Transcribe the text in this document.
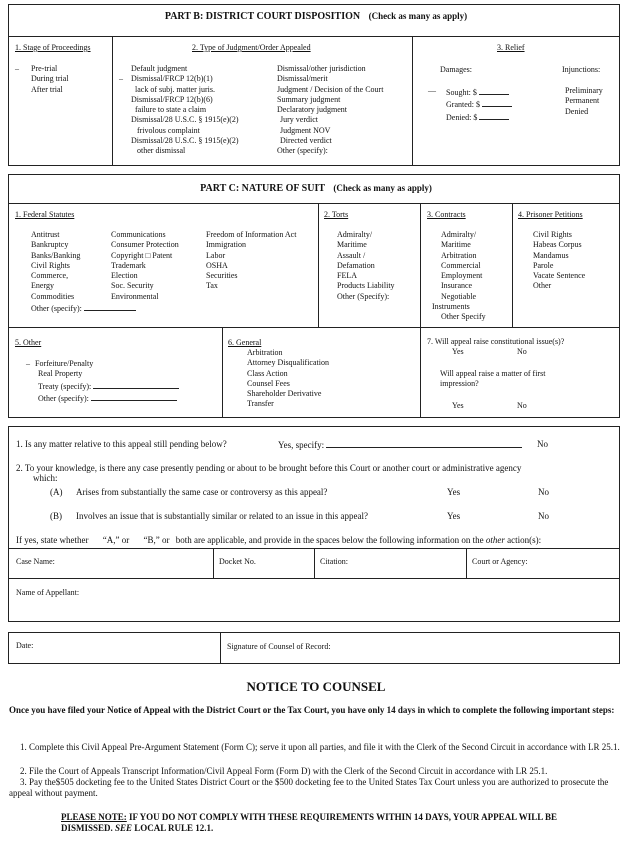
PART B: DISTRICT COURT DISPOSITION (Check as many as apply)
1. Stage of Proceedings
– Pre-trial
During trial
After trial
2. Type of Judgment/Order Appealed
–
Default judgment
Dismissal/FRCP 12(b)(1)
lack of subj. matter juris.
Dismissal/FRCP 12(b)(6)
failure to state a claim
Dismissal/28 U.S.C. § 1915(e)(2)
frivolous complaint
Dismissal/28 U.S.C. § 1915(e)(2)
other dismissal
Dismissal/other jurisdiction
Dismissal/merit
Judgment / Decision of the Court
Summary judgment
Declaratory judgment
Jury verdict
Judgment NOV
Directed verdict
Other (specify):
3. Relief
Damages:
— Sought: $
Granted: $
Denied: $
Injunctions:
Preliminary
Permanent
Denied
PART C: NATURE OF SUIT (Check as many as apply)
1. Federal Statutes
Antitrust
Bankruptcy
Banks/Banking
Civil Rights
Commerce,
Energy
Commodities
Other (specify):
Communications
Consumer Protection
Copyright □ Patent
Trademark
Election
Soc. Security
Environmental
Freedom of Information Act
Immigration
Labor
OSHA
Securities
Tax
2. Torts
Admiralty/
Maritime
Assault /
Defamation
FELA
Products Liability
Other (Specify):
3. Contracts
Admiralty/
Maritime
Arbitration
Commercial
Employment
Insurance
Negotiable
Instruments
Other Specify
4. Prisoner Petitions
Civil Rights
Habeas Corpus
Mandamus
Parole
Vacate Sentence
Other
5. Other
– Forfeiture/Penalty
Real Property
Treaty (specify):
Other (specify):
6. General
Arbitration
Attorney Disqualification
Class Action
Counsel Fees
Shareholder Derivative
Transfer
7. Will appeal raise constitutional issue(s)?
Yes	No
Will appeal raise a matter of first
impression?
Yes	No
1. Is any matter relative to this appeal still pending below?	Yes, specify:	No
2. To your knowledge, is there any case presently pending or about to be brought before this Court or another court or administrative agency
which:
(A) Arises from substantially the same case or controversy as this appeal?	Yes	No
(B) Involves an issue that is substantially similar or related to an issue in this appeal?	Yes	No
If yes, state whether “A,” or “B,” or both are applicable, and provide in the spaces below the following information on the other action(s):
Case Name:	Docket No.	Citation:	Court or Agency:
Name of Appellant:
Date:	Signature of Counsel of Record:
NOTICE TO COUNSEL
Once you have filed your Notice of Appeal with the District Court or the Tax Court, you have only 14 days in which to complete the following important steps:
1. Complete this Civil Appeal Pre-Argument Statement (Form C); serve it upon all parties, and file it with the Clerk of the Second Circuit in accordance with LR 25.1.
2. File the Court of Appeals Transcript Information/Civil Appeal Form (Form D) with the Clerk of the Second Circuit in accordance with LR 25.1.
3. Pay the$505 docketing fee to the United States District Court or the $500 docketing fee to the United States Tax Court unless you are authorized to prosecute the appeal without payment.
PLEASE NOTE: IF YOU DO NOT COMPLY WITH THESE REQUIREMENTS WITHIN 14 DAYS, YOUR APPEAL WILL BE
DISMISSED. SEE LOCAL RULE 12.1.
